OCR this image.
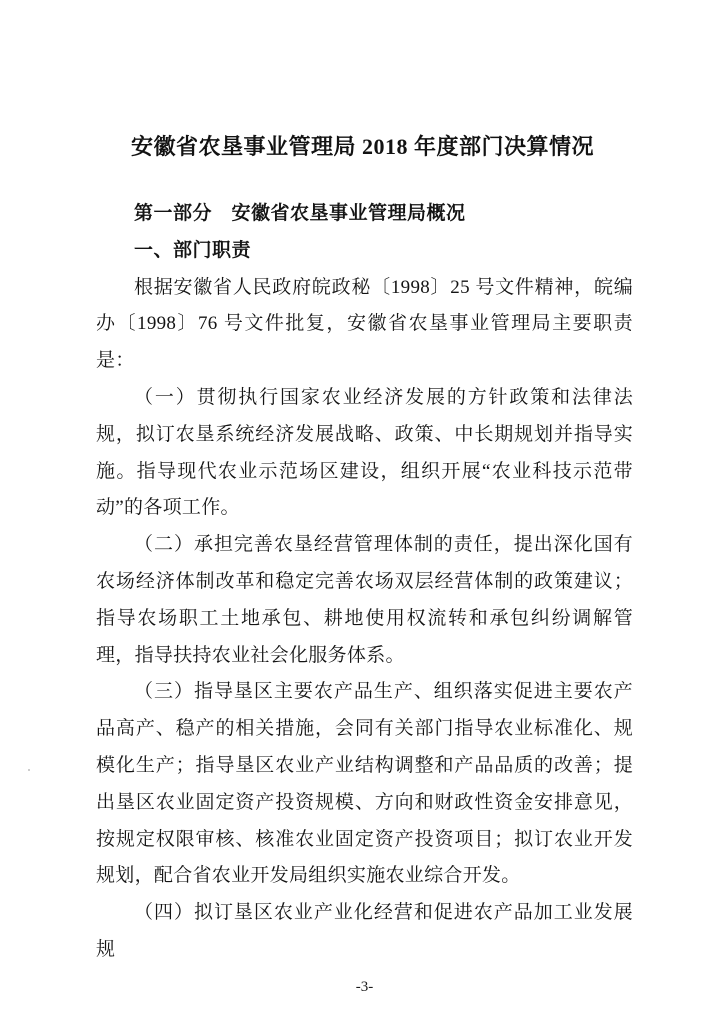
安徽省农垦事业管理局 2018 年度部门决算情况
第一部分　安徽省农垦事业管理局概况
一、部门职责

根据安徽省人民政府皖政秘〔1998〕25 号文件精神，皖编办〔1998〕76 号文件批复，安徽省农垦事业管理局主要职责是：

（一）贯彻执行国家农业经济发展的方针政策和法律法规，拟订农垦系统经济发展战略、政策、中长期规划并指导实施。指导现代农业示范场区建设，组织开展“农业科技示范带动”的各项工作。

（二）承担完善农垦经营管理体制的责任，提出深化国有农场经济体制改革和稳定完善农场双层经营体制的政策建议；指导农场职工土地承包、耕地使用权流转和承包纠纷调解管理，指导扶持农业社会化服务体系。

（三）指导垦区主要农产品生产、组织落实促进主要农产品高产、稳产的相关措施，会同有关部门指导农业标准化、规模化生产；指导垦区农业产业结构调整和产品品质的改善；提出垦区农业固定资产投资规模、方向和财政性资金安排意见，按规定权限审核、核准农业固定资产投资项目；拟订农业开发规划，配合省农业开发局组织实施农业综合开发。

（四）拟订垦区农业产业化经营和促进农产品加工业发展规

-3-
